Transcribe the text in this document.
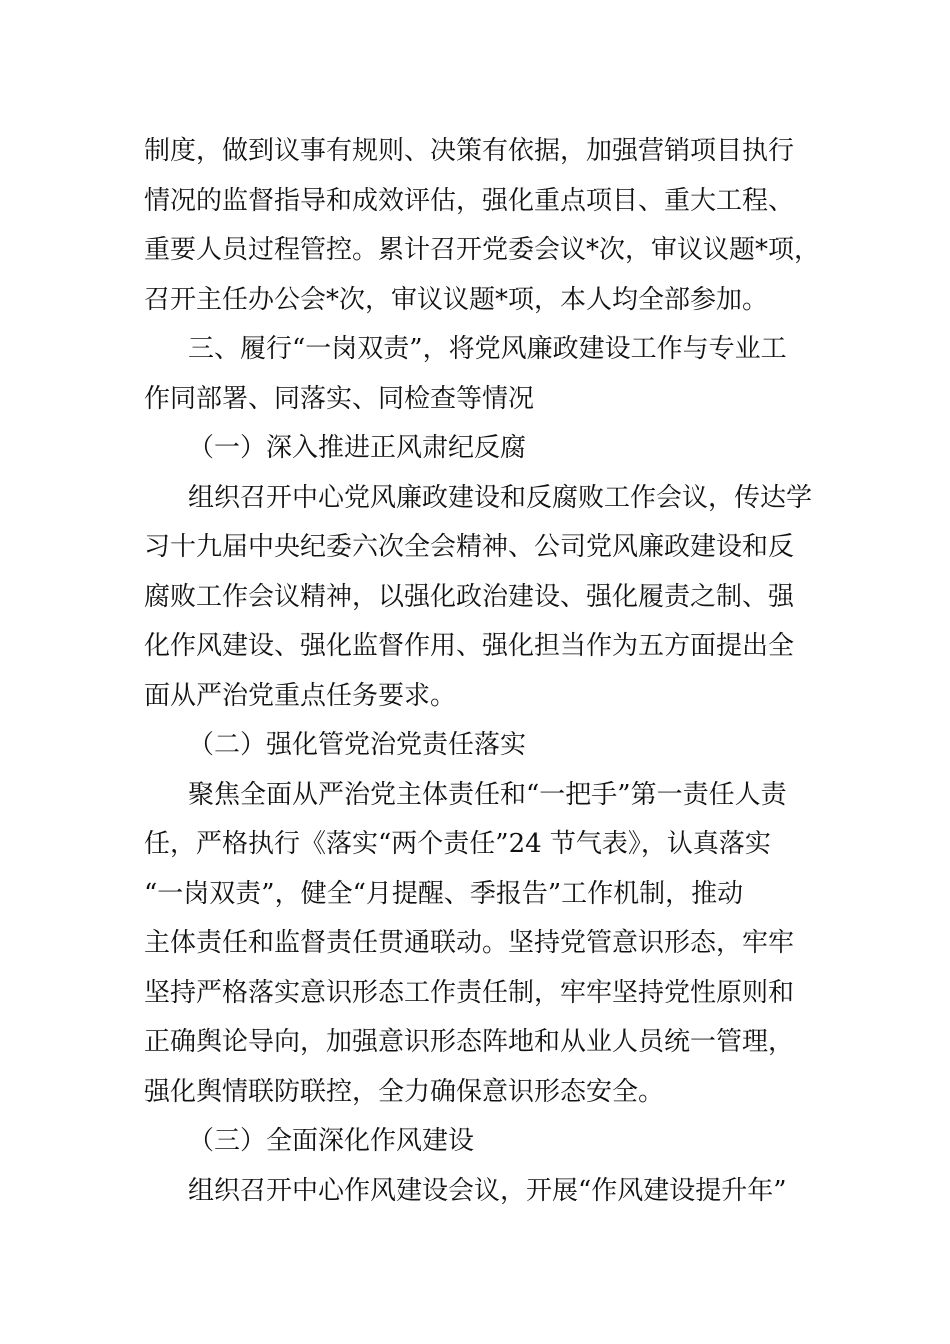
制度，做到议事有规则、决策有依据，加强营销项目执行
情况的监督指导和成效评估，强化重点项目、重大工程、
重要人员过程管控。累计召开党委会议*次，审议议题*项，
召开主任办公会*次，审议议题*项，本人均全部参加。
三、履行“一岗双责”，将党风廉政建设工作与专业工
作同部署、同落实、同检查等情况
（一）深入推进正风肃纪反腐
组织召开中心党风廉政建设和反腐败工作会议，传达学
习十九届中央纪委六次全会精神、公司党风廉政建设和反
腐败工作会议精神，以强化政治建设、强化履责之制、强
化作风建设、强化监督作用、强化担当作为五方面提出全
面从严治党重点任务要求。
（二）强化管党治党责任落实
聚焦全面从严治党主体责任和“一把手”第一责任人责
任，严格执行《落实“两个责任”24 节气表》，认真落实
“一岗双责”，健全“月提醒、季报告”工作机制，推动
主体责任和监督责任贯通联动。坚持党管意识形态，牢牢
坚持严格落实意识形态工作责任制，牢牢坚持党性原则和
正确舆论导向，加强意识形态阵地和从业人员统一管理，
强化舆情联防联控，全力确保意识形态安全。
（三）全面深化作风建设
组织召开中心作风建设会议，开展“作风建设提升年”
